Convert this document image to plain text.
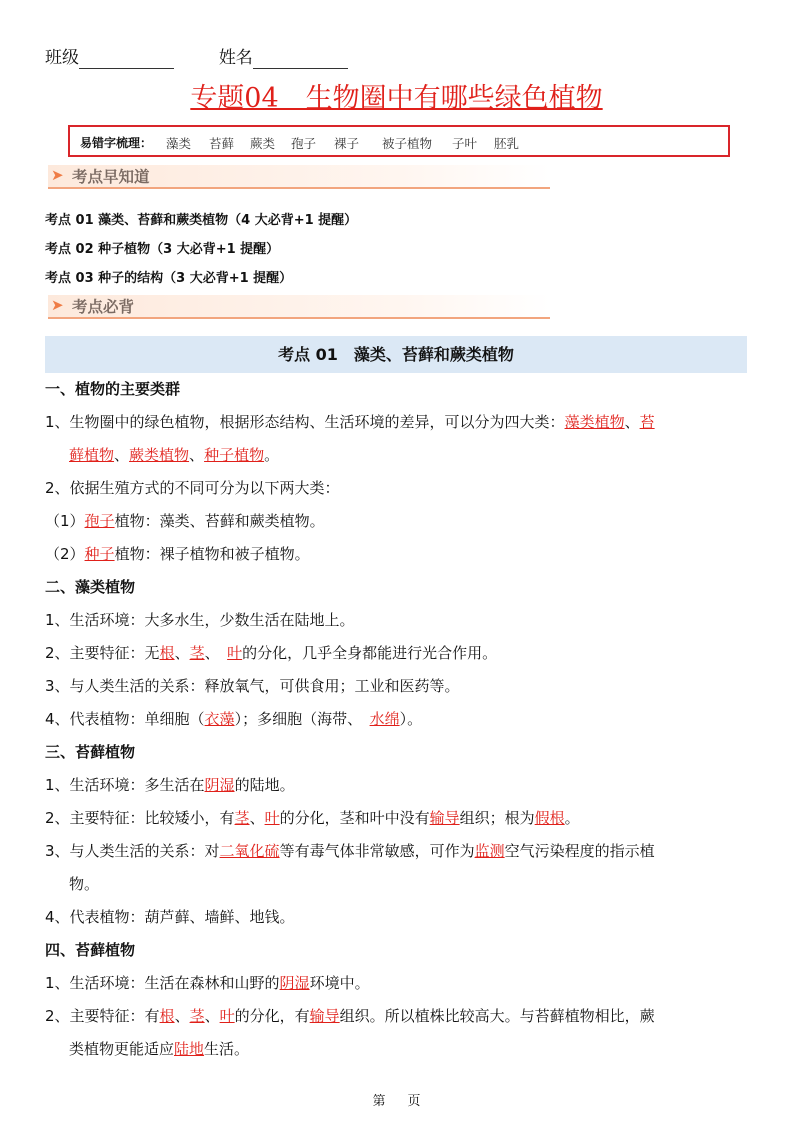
班级	姓名
专题04　生物圈中有哪些绿色植物
易错字梳理： 藻类 苔藓 蕨类 孢子 裸子 被子植物 子叶 胚乳
➤ 考点早知道
考点 01 藻类、苔藓和蕨类植物（4 大必背+1 提醒）
考点 02 种子植物（3 大必背+1 提醒）
考点 03 种子的结构（3 大必背+1 提醒）
➤ 考点必背
考点 01　藻类、苔藓和蕨类植物
一、植物的主要类群
1、生物圈中的绿色植物，根据形态结构、生活环境的差异，可以分为四大类：藻类植物、苔
藓植物、蕨类植物、种子植物。
2、依据生殖方式的不同可分为以下两大类：
（1）孢子植物：藻类、苔藓和蕨类植物。
（2）种子植物：裸子植物和被子植物。
二、藻类植物
1、生活环境：大多水生，少数生活在陆地上。
2、主要特征：无根、茎、　叶的分化，几乎全身都能进行光合作用。
3、与人类生活的关系：释放氧气，可供食用；工业和医药等。
4、代表植物：单细胞（衣藻）；多细胞（海带、　水绵）。
三、苔藓植物
1、生活环境：多生活在阴湿的陆地。
2、主要特征：比较矮小，有茎、叶的分化，茎和叶中没有输导组织；根为假根。
3、与人类生活的关系：对二氧化硫等有毒气体非常敏感，可作为监测空气污染程度的指示植
物。
4、代表植物：葫芦藓、墙鲜、地钱。
四、苔藓植物
1、生活环境：生活在森林和山野的阴湿环境中。
2、主要特征：有根、茎、叶的分化，有输导组织。所以植株比较高大。与苔藓植物相比，蕨
类植物更能适应陆地生活。
第 页
